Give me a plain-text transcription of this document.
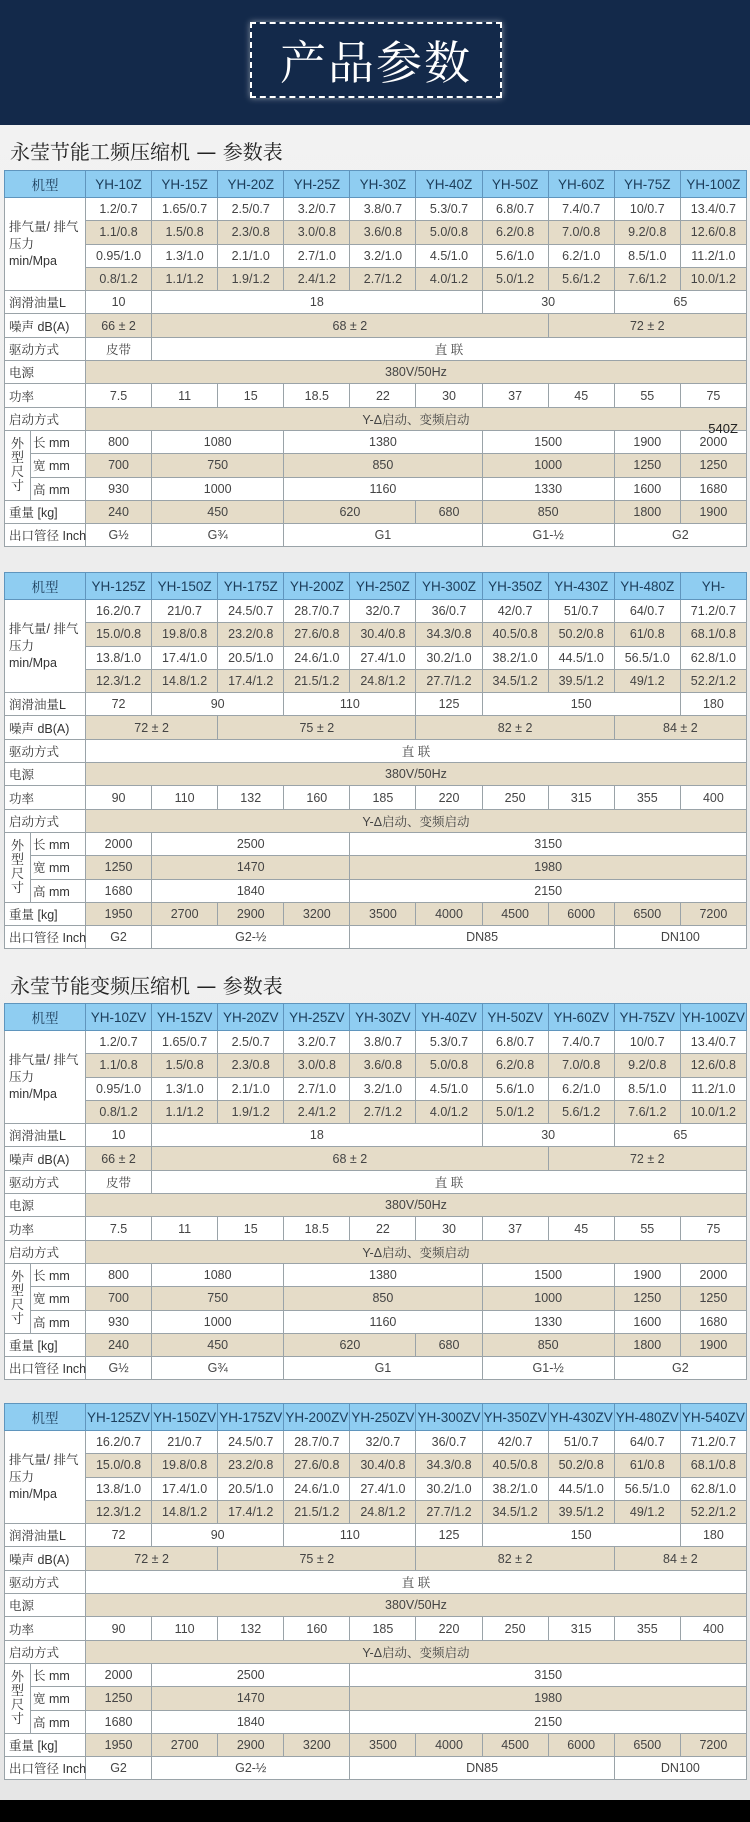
产品参数
永莹节能工频压缩机 — 参数表
机型		YH-10Z	YH-15Z	YH-20Z	YH-25Z	YH-30Z	YH-40Z	YH-50Z	YH-60Z	YH-75Z	YH-100Z
排气量/ 排气压力 min/Mpa		1.2/0.7	1.65/0.7	2.5/0.7	3.2/0.7	3.8/0.7	5.3/0.7	6.8/0.7	7.4/0.7	10/0.7	13.4/0.7
		1.1/0.8	1.5/0.8	2.3/0.8	3.0/0.8	3.6/0.8	5.0/0.8	6.2/0.8	7.0/0.8	9.2/0.8	12.6/0.8
		0.95/1.0	1.3/1.0	2.1/1.0	2.7/1.0	3.2/1.0	4.5/1.0	5.6/1.0	6.2/1.0	8.5/1.0	11.2/1.0
		0.8/1.2	1.1/1.2	1.9/1.2	2.4/1.2	2.7/1.2	4.0/1.2	5.0/1.2	5.6/1.2	7.6/1.2	10.0/1.2
润滑油量L		10	18					30		65	
噪声 dB(A)		66 ± 2	68 ± 2						72 ± 2		
驱动方式		皮带	直 联								
电源		380V/50Hz									
功率		7.5	11	15	18.5	22	30	37	45	55	75
启动方式		Y-Δ启动、变频启动
540Z									

外型尺寸	长 mm	800	1080		1380			1500		1900	2000
	宽 mm	700	750		850			1000		1250	1250
	高 mm	930	1000		1160			1330		1600	1680
重量 [kg]		240	450		620		680	850		1800	1900
出口管径 Inch		G½	G¾		G1			G1-½		G2	
机型		YH-125Z	YH-150Z	YH-175Z	YH-200Z	YH-250Z	YH-300Z	YH-350Z	YH-430Z	YH-480Z	YH-
排气量/ 排气压力 min/Mpa		16.2/0.7	21/0.7	24.5/0.7	28.7/0.7	32/0.7	36/0.7	42/0.7	51/0.7	64/0.7	71.2/0.7
		15.0/0.8	19.8/0.8	23.2/0.8	27.6/0.8	30.4/0.8	34.3/0.8	40.5/0.8	50.2/0.8	61/0.8	68.1/0.8
		13.8/1.0	17.4/1.0	20.5/1.0	24.6/1.0	27.4/1.0	30.2/1.0	38.2/1.0	44.5/1.0	56.5/1.0	62.8/1.0
		12.3/1.2	14.8/1.2	17.4/1.2	21.5/1.2	24.8/1.2	27.7/1.2	34.5/1.2	39.5/1.2	49/1.2	52.2/1.2
润滑油量L		72	90		110		125	150			180
噪声 dB(A)		72 ± 2		75 ± 2			82 ± 2			84 ± 2	
驱动方式		直 联									
电源		380V/50Hz									
功率		90	110	132	160	185	220	250	315	355	400
启动方式		Y-Δ启动、变频启动									
外型尺寸	长 mm	2000	2500			3150					
	宽 mm	1250	1470			1980					
	高 mm	1680	1840			2150					
重量 [kg]		1950	2700	2900	3200	3500	4000	4500	6000	6500	7200
出口管径 Inch		G2	G2-½			DN85				DN100	
永莹节能变频压缩机 — 参数表
机型		YH-10ZV	YH-15ZV	YH-20ZV	YH-25ZV	YH-30ZV	YH-40ZV	YH-50ZV	YH-60ZV	YH-75ZV	YH-100ZV
排气量/ 排气压力 min/Mpa		1.2/0.7	1.65/0.7	2.5/0.7	3.2/0.7	3.8/0.7	5.3/0.7	6.8/0.7	7.4/0.7	10/0.7	13.4/0.7
		1.1/0.8	1.5/0.8	2.3/0.8	3.0/0.8	3.6/0.8	5.0/0.8	6.2/0.8	7.0/0.8	9.2/0.8	12.6/0.8
		0.95/1.0	1.3/1.0	2.1/1.0	2.7/1.0	3.2/1.0	4.5/1.0	5.6/1.0	6.2/1.0	8.5/1.0	11.2/1.0
		0.8/1.2	1.1/1.2	1.9/1.2	2.4/1.2	2.7/1.2	4.0/1.2	5.0/1.2	5.6/1.2	7.6/1.2	10.0/1.2
润滑油量L		10	18					30		65	
噪声 dB(A)		66 ± 2	68 ± 2						72 ± 2		
驱动方式		皮带	直 联								
电源		380V/50Hz									
功率		7.5	11	15	18.5	22	30	37	45	55	75
启动方式		Y-Δ启动、变频启动									
外型尺寸	长 mm	800	1080		1380			1500		1900	2000
	宽 mm	700	750		850			1000		1250	1250
	高 mm	930	1000		1160			1330		1600	1680
重量 [kg]		240	450		620		680	850		1800	1900
出口管径 Inch		G½	G¾		G1			G1-½		G2	
机型		YH-125ZV	YH-150ZV	YH-175ZV	YH-200ZV	YH-250ZV	YH-300ZV	YH-350ZV	YH-430ZV	YH-480ZV	YH-540ZV
排气量/ 排气压力 min/Mpa		16.2/0.7	21/0.7	24.5/0.7	28.7/0.7	32/0.7	36/0.7	42/0.7	51/0.7	64/0.7	71.2/0.7
		15.0/0.8	19.8/0.8	23.2/0.8	27.6/0.8	30.4/0.8	34.3/0.8	40.5/0.8	50.2/0.8	61/0.8	68.1/0.8
		13.8/1.0	17.4/1.0	20.5/1.0	24.6/1.0	27.4/1.0	30.2/1.0	38.2/1.0	44.5/1.0	56.5/1.0	62.8/1.0
		12.3/1.2	14.8/1.2	17.4/1.2	21.5/1.2	24.8/1.2	27.7/1.2	34.5/1.2	39.5/1.2	49/1.2	52.2/1.2
润滑油量L		72	90		110		125	150			180
噪声 dB(A)		72 ± 2		75 ± 2			82 ± 2			84 ± 2	
驱动方式		直 联									
电源		380V/50Hz									
功率		90	110	132	160	185	220	250	315	355	400
启动方式		Y-Δ启动、变频启动									
外型尺寸	长 mm	2000	2500			3150					
	宽 mm	1250	1470			1980					
	高 mm	1680	1840			2150					
重量 [kg]		1950	2700	2900	3200	3500	4000	4500	6000	6500	7200
出口管径 Inch		G2	G2-½			DN85				DN100	
